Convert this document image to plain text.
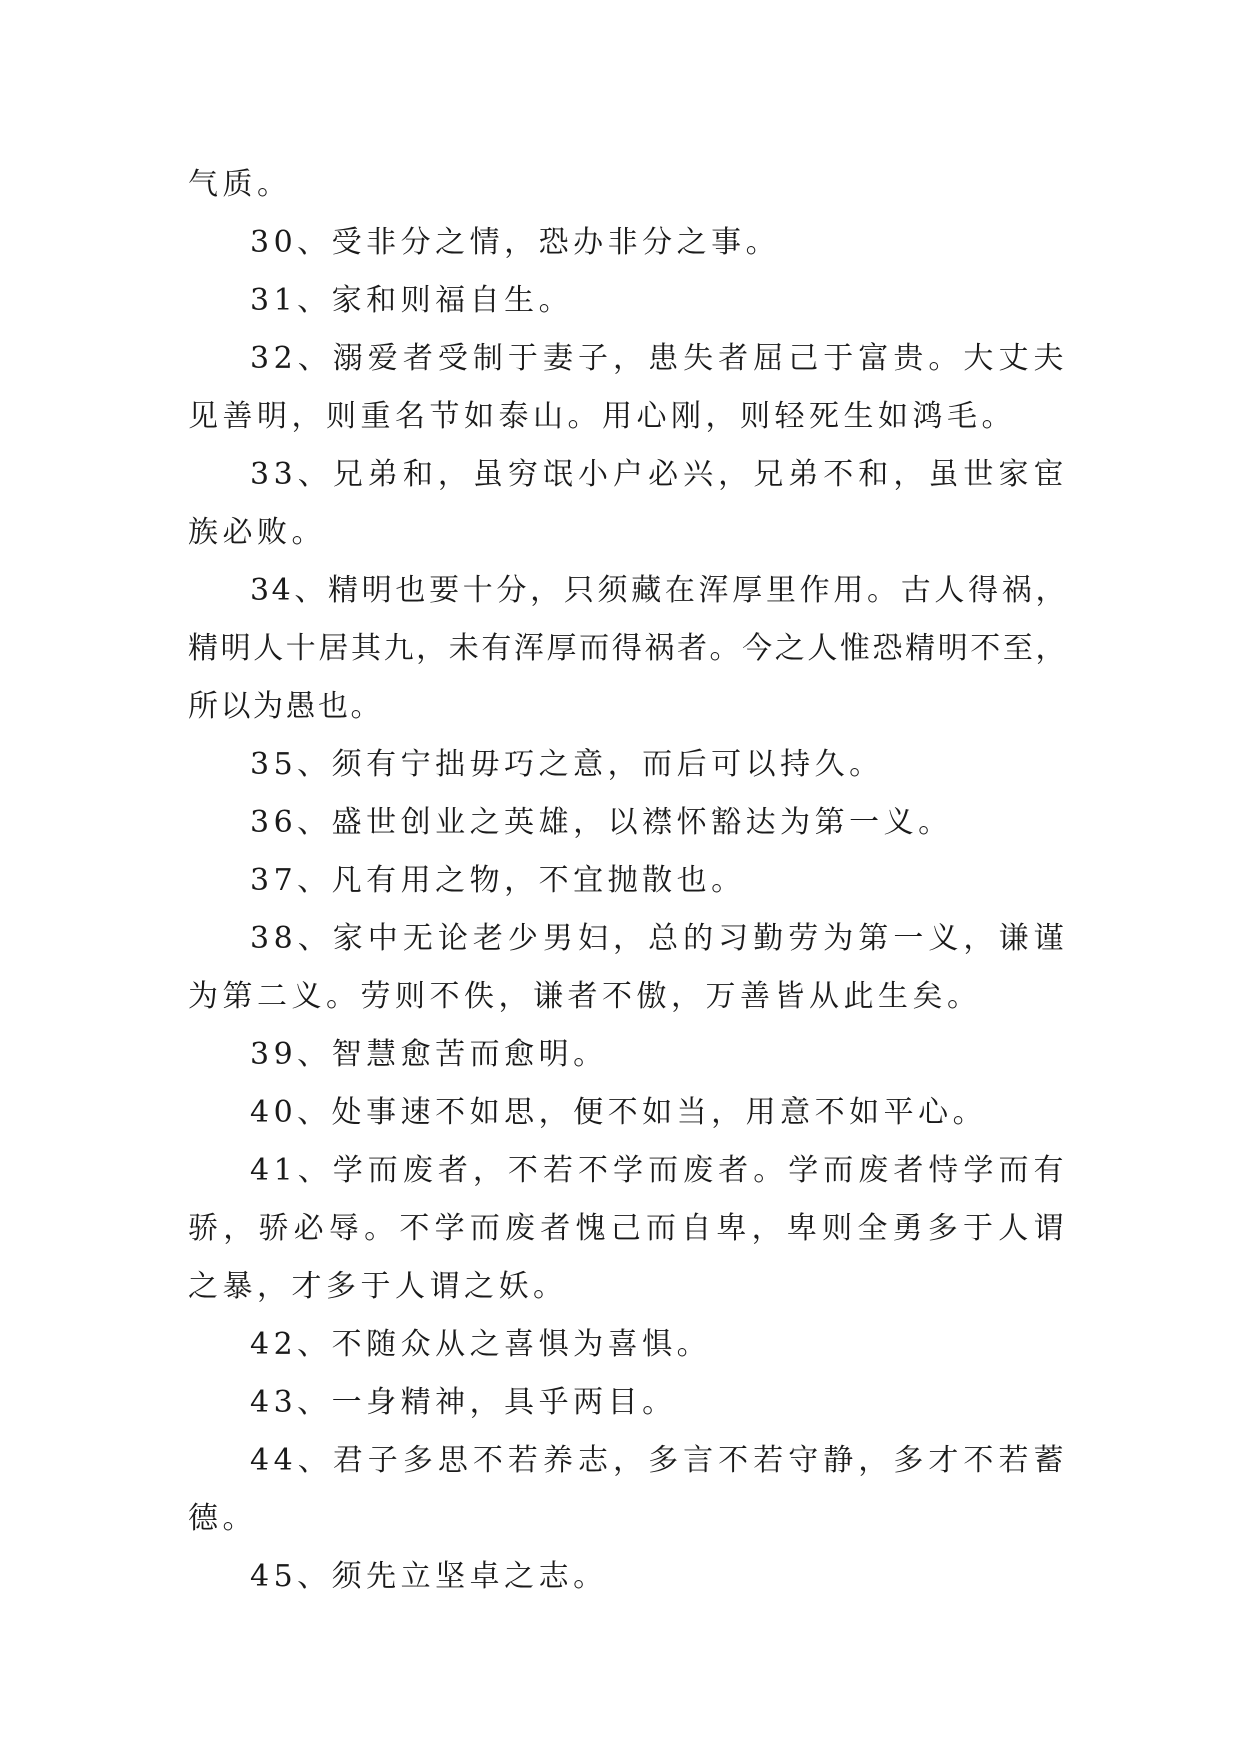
气质。

30、受非分之情，恐办非分之事。

31、家和则福自生。

32、溺爱者受制于妻子，患失者屈己于富贵。大丈夫见善明，则重名节如泰山。用心刚，则轻死生如鸿毛。

33、兄弟和，虽穷氓小户必兴，兄弟不和，虽世家宦族必败。

34、精明也要十分，只须藏在浑厚里作用。古人得祸，精明人十居其九，未有浑厚而得祸者。今之人惟恐精明不至，所以为愚也。

35、须有宁拙毋巧之意，而后可以持久。

36、盛世创业之英雄，以襟怀豁达为第一义。

37、凡有用之物，不宜抛散也。

38、家中无论老少男妇，总的习勤劳为第一义，谦谨为第二义。劳则不佚，谦者不傲，万善皆从此生矣。

39、智慧愈苦而愈明。

40、处事速不如思，便不如当，用意不如平心。

41、学而废者，不若不学而废者。学而废者恃学而有骄，骄必辱。不学而废者愧己而自卑，卑则全勇多于人谓之暴，才多于人谓之妖。

42、不随众从之喜惧为喜惧。

43、一身精神，具乎两目。

44、君子多思不若养志，多言不若守静，多才不若蓄德。

45、须先立坚卓之志。
